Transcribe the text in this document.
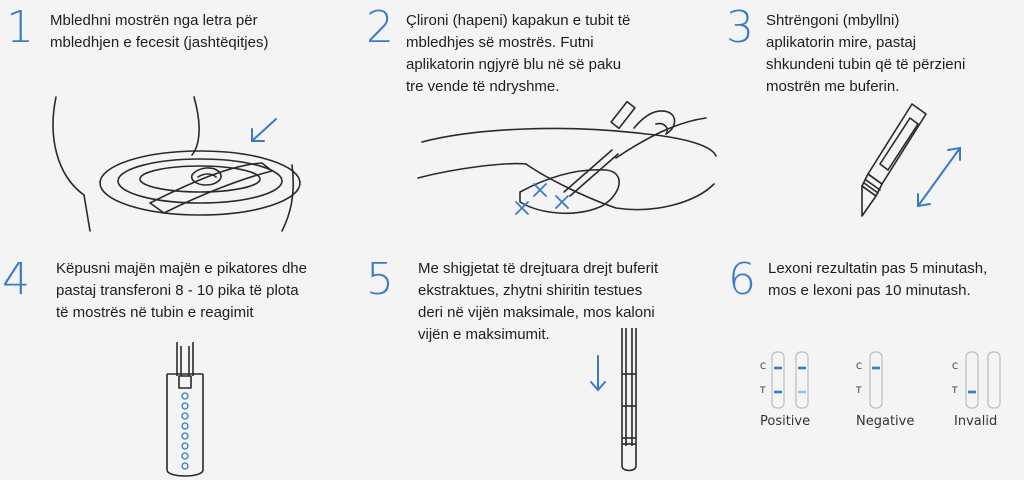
1 Mbledhni mostrën nga letra për
mbledhjen e fecesit (jashtëqitjes) 2 Çlironi (hapeni) kapakun e tubit të
mbledhjes së mostrës. Futni
aplikatorin ngjyrë blu në së paku
tre vende të ndryshme.
3 Shtrëngoni (mbyllni)
aplikatorin mire, pastaj
shkundeni tubin që të përzieni
mostrën me buferin.
4 Këpusni majën majën e pikatores dhe
pastaj transferoni 8 - 10 pika të plota
të mostrës në tubin e reagimit
5 Me shigjetat të drejtuara drejt buferit
ekstraktues, zhytni shiritin testues
deri në vijën maksimale, mos kaloni
vijën e maksimumit.
6 Lexoni rezultatin pas 5 minutash,
mos e lexoni pas 10 minutash.
C
T
Positive
C
T
Negative
C
T
Invalid
